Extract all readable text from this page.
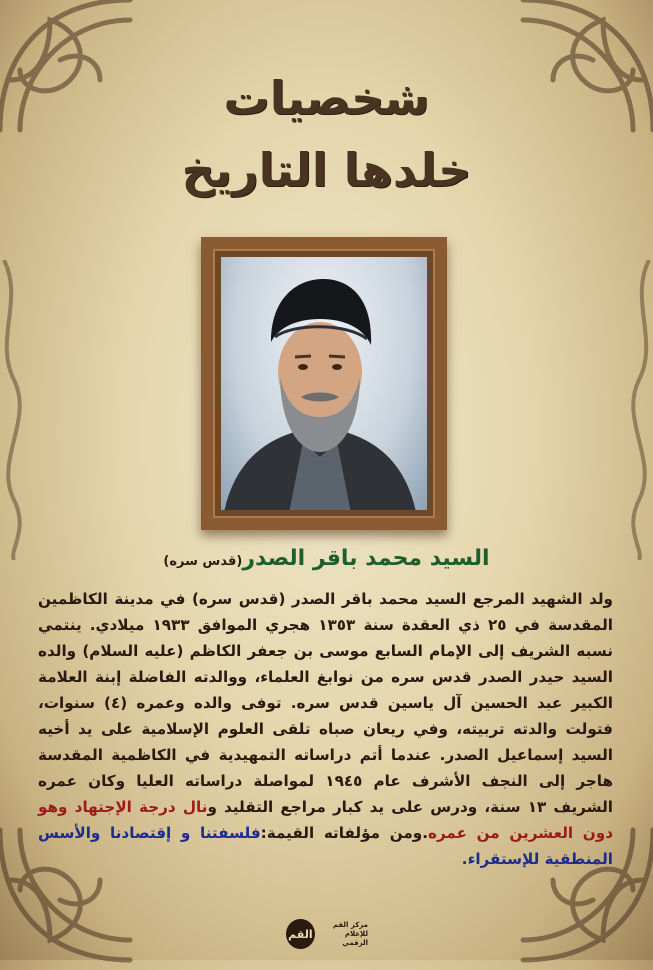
شخصيات
خلدها التاريخ
السيد محمد باقر الصدر(قدس سره)
ولد الشهيد المرجع السيد محمد باقر الصدر (قدس سره) في مدينة الكاظمين المقدسة في ٢٥ ذي العقدة سنة ١٣٥٣ هجري الموافق ١٩٣٣ ميلادي. ينتمي نسبه الشريف إلى الإمام السابع موسى بن جعفر الكاظم (عليه السلام) والده السيد حيدر الصدر قدس سره من نوابغ العلماء، ووالدته الفاضلة إبنة العلامة الكبير عبد الحسين آل ياسين قدس سره. توفى والده وعمره (٤) سنوات، فتولت والدته تربيته، وفي ريعان صباه تلقى العلوم الإسلامية على يد أخيه السيد إسماعيل الصدر. عندما أتم دراساته التمهيدية في الكاظمية المقدسة هاجر إلى النجف الأشرف عام ١٩٤٥ لمواصلة دراساته العليا وكان عمره الشريف ١٣ سنة، ودرس على يد كبار مراجع التقليد ونال درجة الإجتهاد وهو دون العشرين من عمره.ومن مؤلفاته القيمة:فلسفتنا و إقتصادنا والأسس المنطقية للإستقراء.
القم
مركز القم
للإعلام الرقمي
